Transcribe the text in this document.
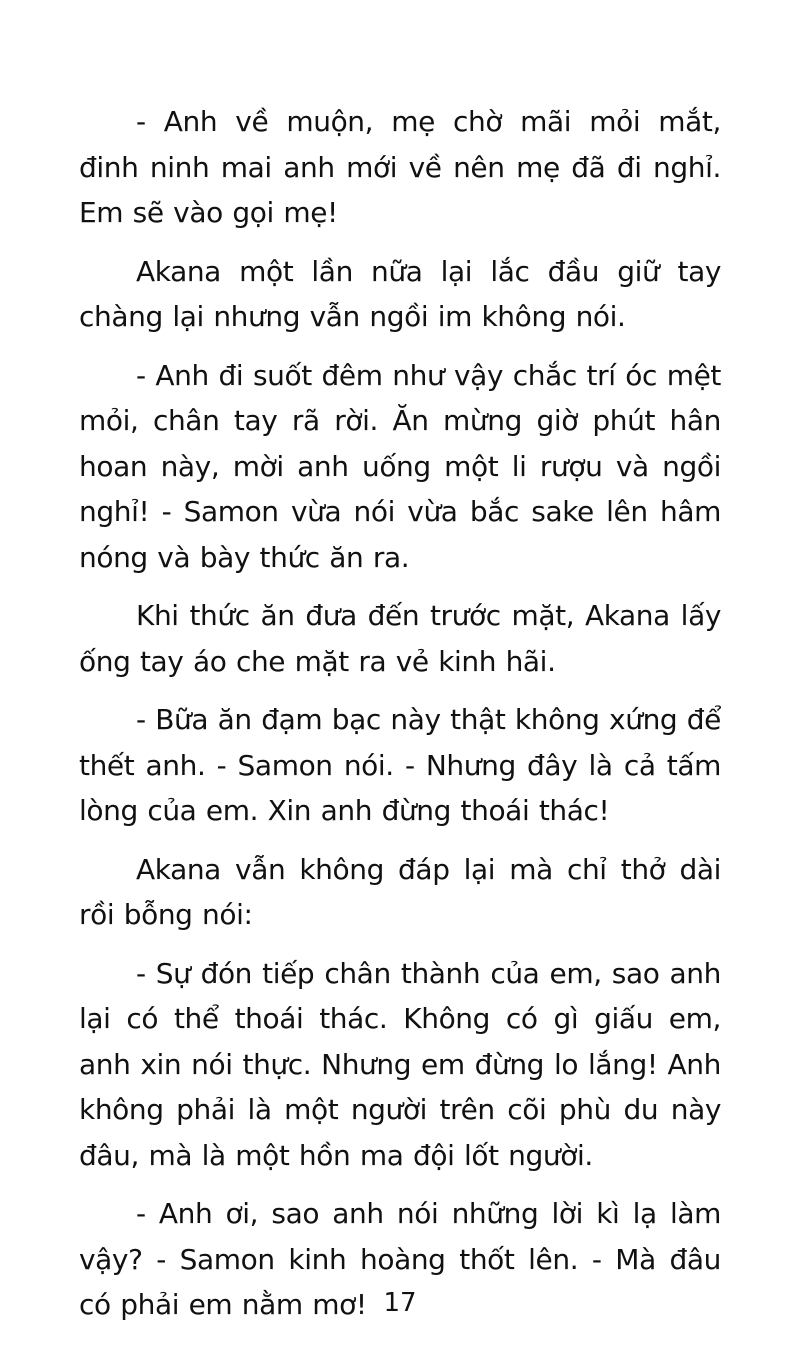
- Anh về muộn, mẹ chờ mãi mỏi mắt, đinh ninh mai anh mới về nên mẹ đã đi nghỉ. Em sẽ vào gọi mẹ!

Akana một lần nữa lại lắc đầu giữ tay chàng lại nhưng vẫn ngồi im không nói.

- Anh đi suốt đêm như vậy chắc trí óc mệt mỏi, chân tay rã rời. Ăn mừng giờ phút hân hoan này, mời anh uống một li rượu và ngồi nghỉ! - Samon vừa nói vừa bắc sake lên hâm nóng và bày thức ăn ra.

Khi thức ăn đưa đến trước mặt, Akana lấy ống tay áo che mặt ra vẻ kinh hãi.

- Bữa ăn đạm bạc này thật không xứng để thết anh. - Samon nói. - Nhưng đây là cả tấm lòng của em. Xin anh đừng thoái thác!

Akana vẫn không đáp lại mà chỉ thở dài rồi bỗng nói:

- Sự đón tiếp chân thành của em, sao anh lại có thể thoái thác. Không có gì giấu em, anh xin nói thực. Nhưng em đừng lo lắng! Anh không phải là một người trên cõi phù du này đâu, mà là một hồn ma đội lốt người.

- Anh ơi, sao anh nói những lời kì lạ làm vậy? - Samon kinh hoàng thốt lên. - Mà đâu có phải em nằm mơ! 17
